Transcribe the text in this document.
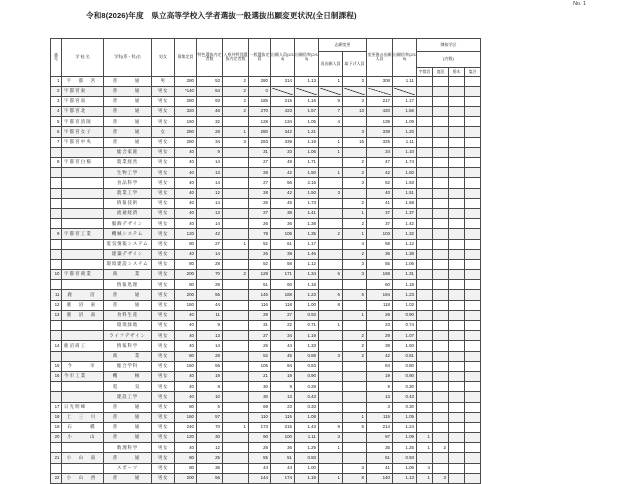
令和8(2026)年度　県立高等学校入学者選抜一般選抜出願変更状況(全日制課程)
No. 1
番号	学 校 名	学科(系・科)名	男女	募集定員	特色選抜内定者数	入県外特別選抜内定者数	一般選抜定員	出願人員(2/13)	出願倍率(2/13)	志願変更		変更後の出願人員	出願倍率(2/19)	隣接学区			
										再出願人員	取下げ人員			(内数)			
														宇都宮	鹿沼	栃木	塩谷
1	宇 都 宮	普　　通	男	280	53	2	280	314	1.13	1	3	308	1.11				
2	宇都宮東	普　　通	男女	*140	54	2	0										
3	宇都宮南	普　　通	男女	280	93	2	185	215	1.16	9	3	217	1.17				
4	宇都宮北	普　　通	男女	320	48	2	270	423	1.57	7	13	420	1.56				
5	宇都宮清陵	普　　通	男女	160	32		128	134	1.05	4		139	1.09				
6	宇都宮女子	普　　通	女	280	28	1	280	342	1.21		3	339	1.20				
7	宇都宮中央	普　　通	男女	280	34	3	283	339	1.19	1	15	325	1.11				
		総合家庭	男女	40	9		31	33	1.06	1		34	1.10				
8	宇都宮白楊	農業経営	男女	40	14		27	48	1.71		2	47	1.74				
		生物工学	男女	40	13		28	42	1.50	1	2	42	1.50				
		食品科学	男女	40	14		27	56	2.15		3	52	1.93				
		農業工学	男女	40	12		28	42	1.50	3		40	1.51				
		情報技術	男女	40	14		26	45	1.73		2	41	1.58				
		流通経済	男女	40	13		27	38	1.41		1	37	1.37				
		服飾デザイン	男女	40	14		26	36	1.38		2	37	1.42				
9	宇都宮工業	機械システム	男女	120	42		78	105	1.35	2	1	103	1.32				
		電気情報システム	男女	80	27	1	52	61	1.17		4	58	1.12				
		建築デザイン	男女	40	14		26	38	1.46		2	36	1.38				
		環境建設システム	男女	80	28		52	58	1.12		3	55	1.06				
10	宇都宮商業	商　　業	男女	200	70	2	128	171	1.34	6	3	168	1.31				
		情報処理	男女	80	29		51	60	1.18			60	1.18				
11	鹿　　沼	普　　通	男女	200	55		145	188	1.23	6	5	194	1.23				
12	鹿 沼 東	普　　通	男女	160	44		116	118	1.00	8		118	1.02				
13	鹿 沼 南	食料生産	男女	40	11		29	27	0.93		1	26	0.90				
		環境緑地	男女	40	9		31	22	0.71	1		23	0.74				
		ライフデザイン	男女	40	13		27	34	1.19		2	29	1.07				
14	鹿沼商工	情報科学	男女	40	14		26	44	1.33		2	39	1.50				
		商　　業	男女	80	28		52	45	0.88	3	2	42	0.81				
15	今　　市	総合学科	男女	160	55		105	84	0.83			84	0.80				
16	今市工業	機　　械	男女	40	19		21	19	0.90			19	0.90				
		電　　気	男女	40	8		30	9	0.29			9	0.30				
		建設工学	男女	40	10		30	13	0.43			13	0.43				
17	日光明峰	普　　通	男女	80	5		69	23	0.33			3	0.30				
18	上 三 川	普　　通	男女	160	57		110	115	1.08		1	115	1.05				
19	石　　橋	普　　通	男女	240	70	1	173	216	1.43	9	5	214	1.24				
20	小　　山	普　　通	男女	120	30		90	100	1.11	3		97	1.09	1			
		数理科学	男女	40	12		28	36	1.29	1		35	1.25	1	2		
21	小 山 南	普　　通	男女	80	25		55	51	0.93			51	0.93				
		スポーツ	男女	80	36		44	44	1.00		3	41	1.06	4			
22	小 山 西	普　　通	男女	200	56		144	174	1.19	1	8	140	1.13	1	3		
